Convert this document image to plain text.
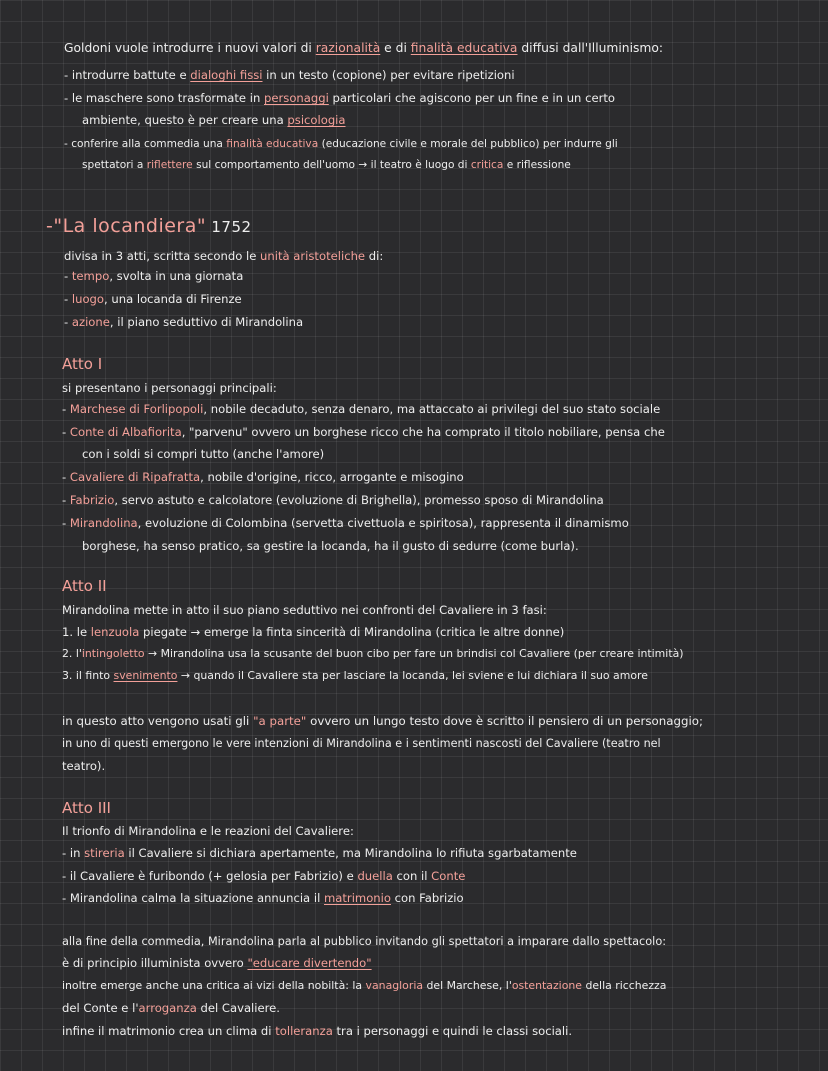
Goldoni vuole introdurre i nuovi valori di razionalità e di finalità educativa diffusi dall'Illuminismo:
- introdurre battute e dialoghi fissi in un testo (copione) per evitare ripetizioni
- le maschere sono trasformate in personaggi particolari che agiscono per un fine e in un certo
ambiente, questo è per creare una psicologia
- conferire alla commedia una finalità educativa (educazione civile e morale del pubblico) per indurre gli
spettatori a riflettere sul comportamento dell'uomo → il teatro è luogo di critica e riflessione
-"La locandiera" 1752
divisa in 3 atti, scritta secondo le unità aristoteliche di:
- tempo, svolta in una giornata
- luogo, una locanda di Firenze
- azione, il piano seduttivo di Mirandolina
Atto I
si presentano i personaggi principali:
- Marchese di Forlipopoli, nobile decaduto, senza denaro, ma attaccato ai privilegi del suo stato sociale
- Conte di Albafiorita, "parvenu" ovvero un borghese ricco che ha comprato il titolo nobiliare, pensa che
con i soldi si compri tutto (anche l'amore)
- Cavaliere di Ripafratta, nobile d'origine, ricco, arrogante e misogino
- Fabrizio, servo astuto e calcolatore (evoluzione di Brighella), promesso sposo di Mirandolina
- Mirandolina, evoluzione di Colombina (servetta civettuola e spiritosa), rappresenta il dinamismo
borghese, ha senso pratico, sa gestire la locanda, ha il gusto di sedurre (come burla).
Atto II
Mirandolina mette in atto il suo piano seduttivo nei confronti del Cavaliere in 3 fasi:
1. le lenzuola piegate → emerge la finta sincerità di Mirandolina (critica le altre donne)
2. l'intingoletto → Mirandolina usa la scusante del buon cibo per fare un brindisi col Cavaliere (per creare intimità)
3. il finto svenimento → quando il Cavaliere sta per lasciare la locanda, lei sviene e lui dichiara il suo amore
in questo atto vengono usati gli "a parte" ovvero un lungo testo dove è scritto il pensiero di un personaggio;
in uno di questi emergono le vere intenzioni di Mirandolina e i sentimenti nascosti del Cavaliere (teatro nel
teatro).
Atto III
Il trionfo di Mirandolina e le reazioni del Cavaliere:
- in stireria il Cavaliere si dichiara apertamente, ma Mirandolina lo rifiuta sgarbatamente
- il Cavaliere è furibondo (+ gelosia per Fabrizio) e duella con il Conte
- Mirandolina calma la situazione annuncia il matrimonio con Fabrizio
alla fine della commedia, Mirandolina parla al pubblico invitando gli spettatori a imparare dallo spettacolo:
è di principio illuminista ovvero "educare divertendo"
inoltre emerge anche una critica ai vizi della nobiltà: la vanagloria del Marchese, l'ostentazione della ricchezza
del Conte e l'arroganza del Cavaliere.
infine il matrimonio crea un clima di tolleranza tra i personaggi e quindi le classi sociali.
